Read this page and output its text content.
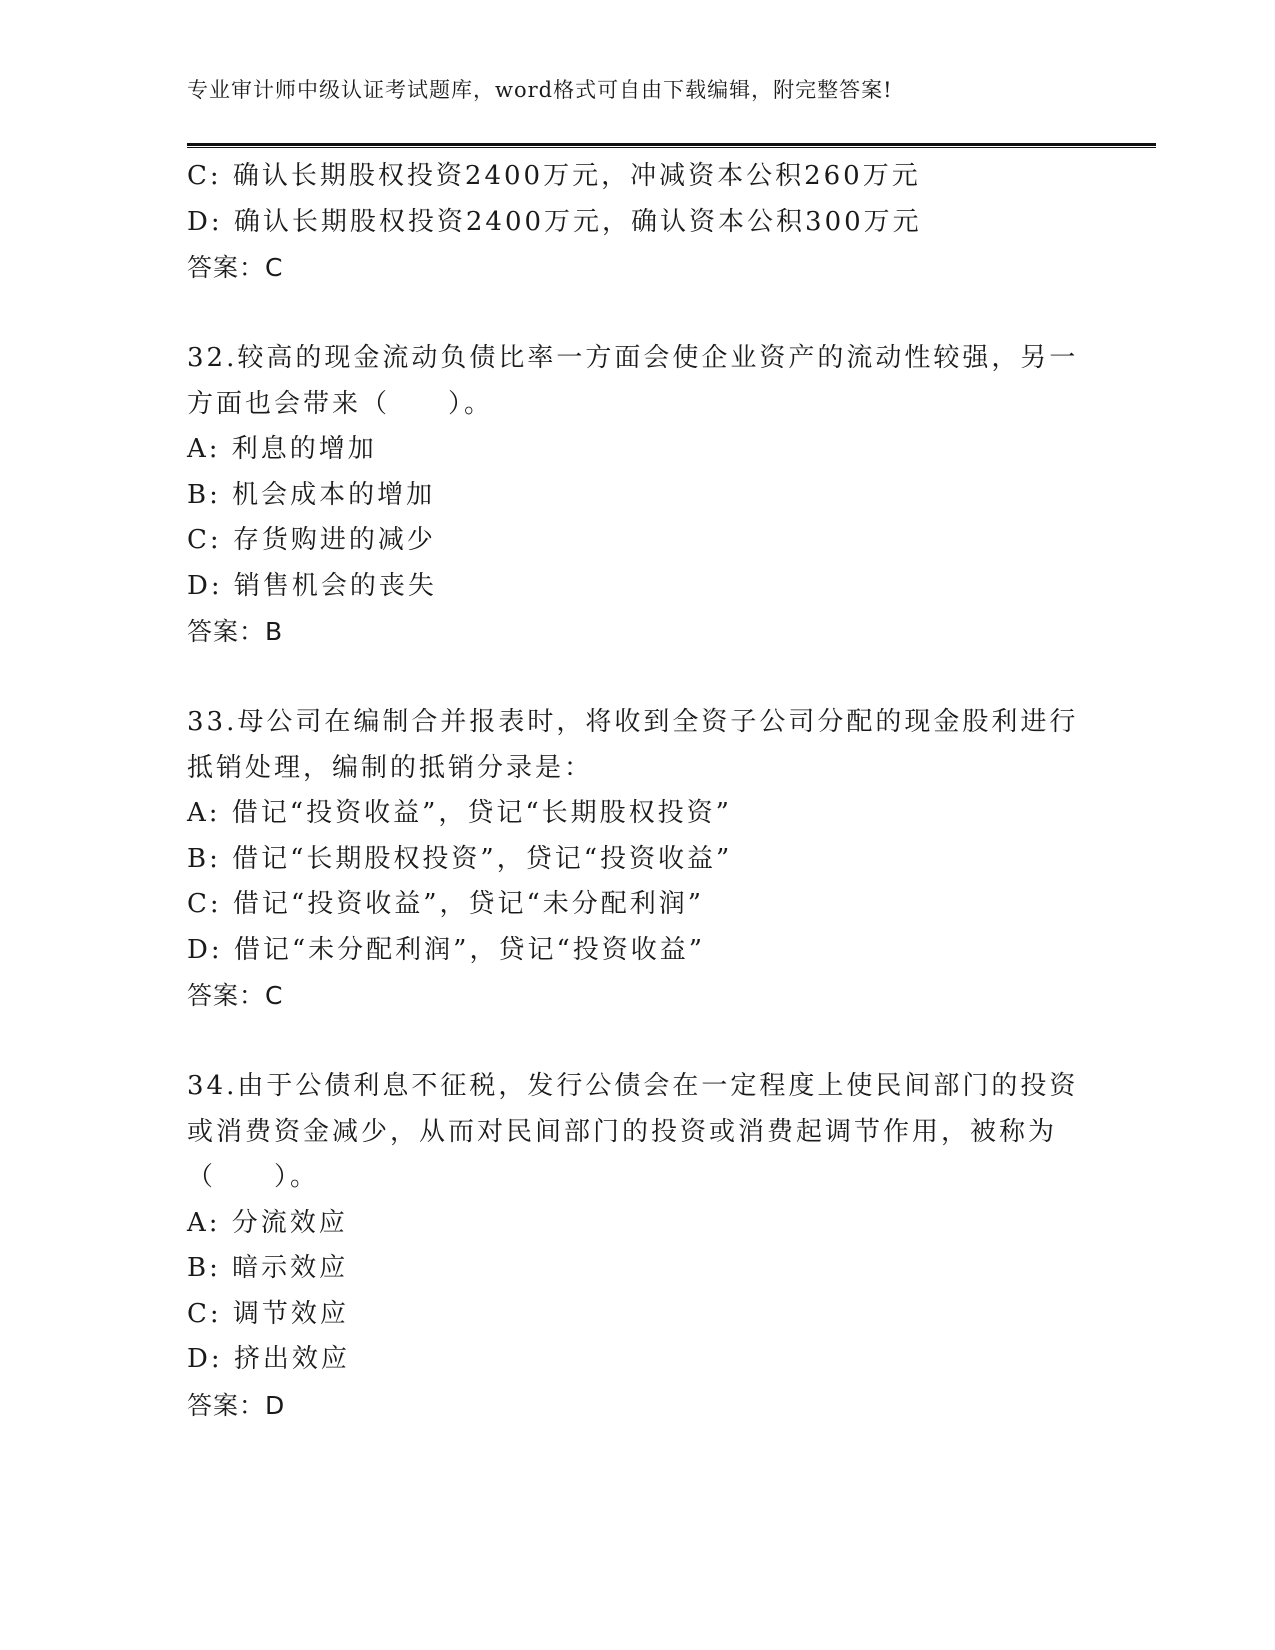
专业审计师中级认证考试题库，word格式可自由下载编辑，附完整答案!
C: 确认长期股权投资2400万元，冲减资本公积260万元
D: 确认长期股权投资2400万元，确认资本公积300万元
答案：C
32.较高的现金流动负债比率一方面会使企业资产的流动性较强，另一
方面也会带来（　　）。
A: 利息的增加
B: 机会成本的增加
C: 存货购进的减少
D: 销售机会的丧失
答案：B
33.母公司在编制合并报表时，将收到全资子公司分配的现金股利进行
抵销处理，编制的抵销分录是：
A: 借记“投资收益”，贷记“长期股权投资”
B: 借记“长期股权投资”，贷记“投资收益”
C: 借记“投资收益”，贷记“未分配利润”
D: 借记“未分配利润”，贷记“投资收益”
答案：C
34.由于公债利息不征税，发行公债会在一定程度上使民间部门的投资
或消费资金减少，从而对民间部门的投资或消费起调节作用，被称为
（　　）。
A: 分流效应
B: 暗示效应
C: 调节效应
D: 挤出效应
答案：D
